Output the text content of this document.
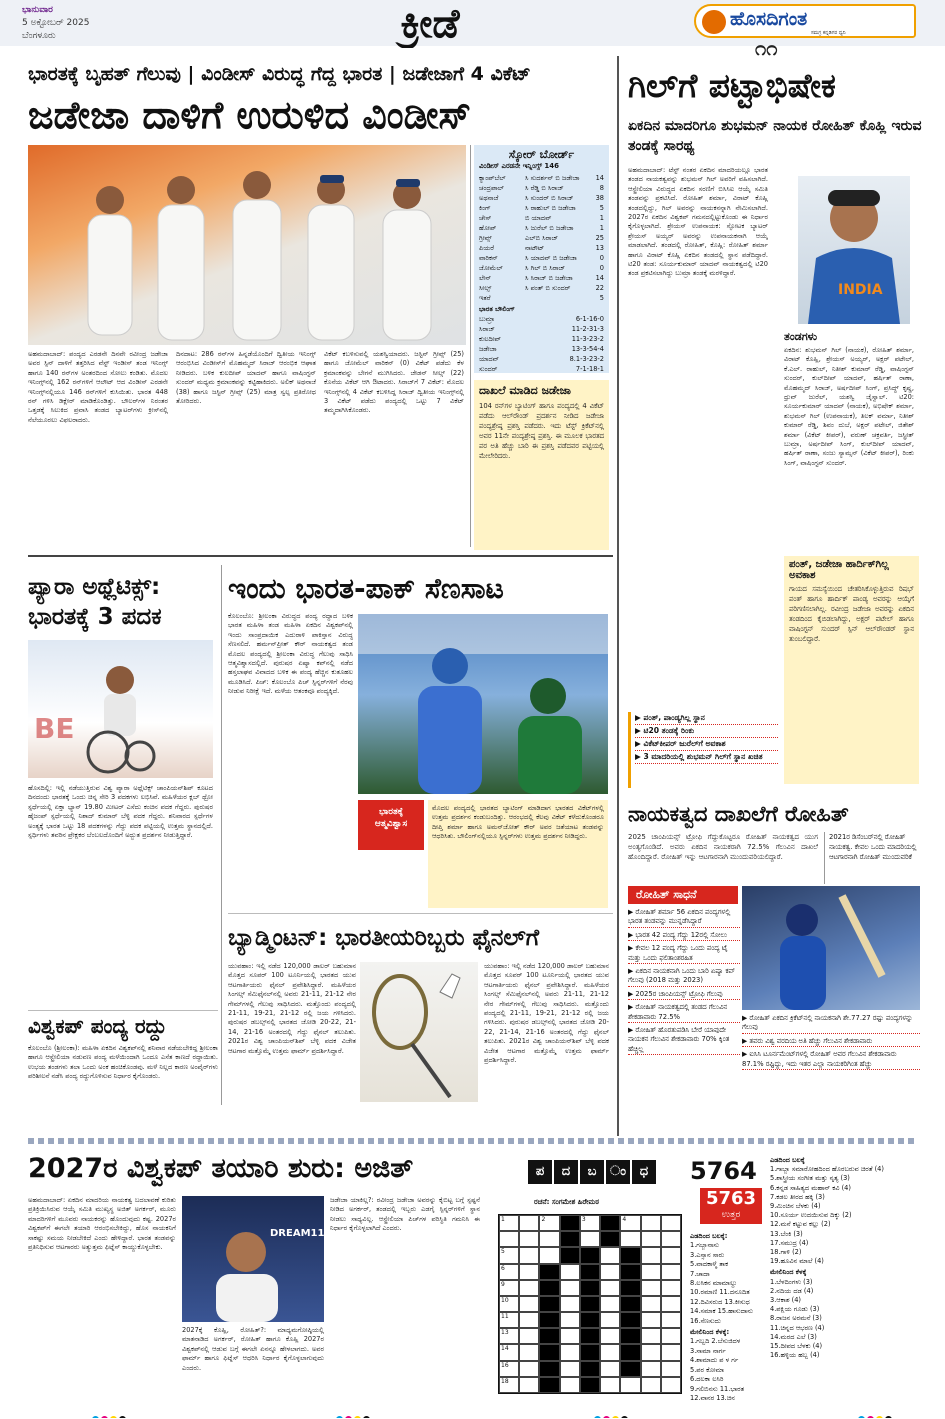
ಭಾನುವಾರ
5 ಅಕ್ಟೋಬರ್ 2025
ಬೆಂಗಳೂರು	ಕ್ರೀಡೆ	ಹೊಸದಿಗಂತ
ಸಮಗ್ರ ಕನ್ನಡಿಗರ ಧ್ವನಿ
೧೧
ಭಾರತಕ್ಕೆ ಬೃಹತ್ ಗೆಲುವು | ವಿಂಡೀಸ್ ವಿರುದ್ಧ ಗೆದ್ದ ಭಾರತ | ಜಡೇಜಾಗೆ 4 ವಿಕೆಟ್
ಜಡೇಜಾ ದಾಳಿಗೆ ಉರುಳಿದ ವಿಂಡೀಸ್
ಸ್ಕೋರ್ ಬೋರ್ಡ್
ವಿಂಡೀಸ್ ಎರಡನೇ ಇನ್ನಿಂಗ್ಸ್ 146
ಕ್ಯಾಂಪ್‌ಬೆಲ್	ಸಿ ಸುದರ್ಶನ್ ಬಿ ಜಡೇಜಾ	14
ಚಂದ್ರಪಾಲ್	ಸಿ ರೆಡ್ಡಿ ಬಿ ಸಿರಾಜ್	8
ಅಥನಾಜೆ	ಸಿ ಸುಂದರ್ ಬಿ ಸಿರಾಜ್	38
ಕಿಂಗ್	ಸಿ ರಾಹುಲ್ ಬಿ ಜಡೇಜಾ	5
ಚೇಸ್	ಬಿ ಯಾದವ್	1
ಹೋಪ್	ಸಿ ಜುರೆಲ್ ಬಿ ಜಡೇಜಾ	1
ಗ್ರೀವ್ಸ್	ಎಲ್‌ಬಿ ಸಿರಾಜ್	25
ಪಿಯರೆ	ನಾಟೌಟ್	13
ವಾರಿಕನ್	ಸಿ ಯಾದವ್ ಬಿ ಜಡೇಜಾ	0
ಜೋಮೆಲ್	ಸಿ ಗಿಲ್ ಬಿ ಸಿರಾಜ್	0
ಲೇನ್	ಸಿ ಸಿರಾಜ್ ಬಿ ಜಡೇಜಾ	14
ಸೀಲ್ಸ್	ಸಿ ಪಂತ್ ಬಿ ಸುಂದರ್	22
ಇತರೆ	5
ಭಾರತ ಬೌಲಿಂಗ್
ಬುಮ್ರಾ	6-1-16-0
ಸಿರಾಜ್	11-2-31-3
ಕುಲದೀಪ್	11-3-23-2
ಜಡೇಜಾ	13-3-54-4
ಯಾದವ್	8.1-3-23-2
ಸುಂದರ್	7-1-18-1
ದಾಖಲೆ ಮಾಡಿದ ಜಡೇಜಾ
104 ರನ್‌ಗಳ ಬ್ಯಾಟಿಂಗ್ ಹಾಗೂ ಪಂದ್ಯದಲ್ಲಿ 4 ವಿಕೆಟ್ ಪಡೆದು ಆಲ್‌ರೌಂಡ್ ಪ್ರದರ್ಶನ ನೀಡಿದ ಜಡೇಜಾ ಪಂದ್ಯಶ್ರೇಷ್ಠ ಪ್ರಶಸ್ತಿ ಪಡೆದರು. ಇದು ಟೆಸ್ಟ್ ಕ್ರಿಕೆಟ್‌ನಲ್ಲಿ ಅವರ 11ನೇ ಪಂದ್ಯಶ್ರೇಷ್ಠ ಪ್ರಶಸ್ತಿ. ಈ ಮೂಲಕ ಭಾರತದ ಪರ ಅತಿ ಹೆಚ್ಚು ಬಾರಿ ಈ ಪ್ರಶಸ್ತಿ ಪಡೆದವರ ಪಟ್ಟಿಯಲ್ಲಿ ಮೇಲೇರಿದರು.
ಅಹಮದಾಬಾದ್: ಪಂದ್ಯದ ಎರಡನೇ ದಿನವೇ ರವೀಂದ್ರ ಜಡೇಜಾ ಅವರ ಸ್ಪಿನ್ ದಾಳಿಗೆ ತತ್ತರಿಸಿದ ವೆಸ್ಟ್ ಇಂಡೀಸ್ ತಂಡ ಇನಿಂಗ್ಸ್ ಹಾಗೂ 140 ರನ್‌ಗಳ ಅಂತರದಿಂದ ಸೋಲು ಕಂಡಿತು. ಮೊದಲ ಇನಿಂಗ್ಸ್‌ನಲ್ಲಿ 162 ರನ್‌ಗಳಿಗೆ ಆಲೌಟ್ ಆದ ವಿಂಡೀಸ್ ಎರಡನೇ ಇನಿಂಗ್ಸ್‌ನಲ್ಲಿಯೂ 146 ರನ್‌ಗಳಿಗೆ ಕುಸಿಯಿತು. ಭಾರತ 448 ರನ್ ಗಳಿಸಿ ಡಿಕ್ಲೇರ್ ಮಾಡಿಕೊಂಡಿತ್ತು. ಬೌಲರ್‌ಗಳ ನಿರಂತರ ಒತ್ತಡಕ್ಕೆ ಸಿಲುಕಿದ ಪ್ರವಾಸಿ ತಂಡದ ಬ್ಯಾಟರ್‌ಗಳು ಕ್ರೀಸ್‌ನಲ್ಲಿ ನೆಲೆಯೂರಲು ವಿಫಲರಾದರು.
ದಿನದಾಟ: 286 ರನ್‌ಗಳ ಹಿನ್ನಡೆಯೊಂದಿಗೆ ದ್ವಿತೀಯ ಇನಿಂಗ್ಸ್ ಆರಂಭಿಸಿದ ವಿಂಡೀಸ್‌ಗೆ ಮೊಹಮ್ಮದ್ ಸಿರಾಜ್ ಆರಂಭಿಕ ಆಘಾತ ನೀಡಿದರು. ಬಳಿಕ ಕುಲದೀಪ್ ಯಾದವ್ ಹಾಗೂ ವಾಷಿಂಗ್ಟನ್ ಸುಂದರ್ ಮಧ್ಯಮ ಕ್ರಮಾಂಕವನ್ನು ಕಟ್ಟಿಹಾಕಿದರು. ಅಲಿಕ್ ಅಥನಾಜೆ (38) ಹಾಗೂ ಜಸ್ಟಿನ್ ಗ್ರೀವ್ಸ್ (25) ಮಾತ್ರ ಸ್ವಲ್ಪ ಪ್ರತಿರೋಧ ತೋರಿದರು.
ವಿಕೆಟ್ ಕಬಳಿಸುವಲ್ಲಿ ಯಶಸ್ವಿಯಾದರು. ಜಸ್ಟಿನ್ ಗ್ರೀವ್ಸ್ (25) ಹಾಗೂ ಜೋಮೆಲ್ ವಾರಿಕನ್ (0) ವಿಕೆಟ್ ಪಡೆದು ಕೆಳ ಕ್ರಮಾಂಕವನ್ನು ಬೇಗನೆ ಮುಗಿಸಿದರು. ಜೇಡನ್ ಸೀಲ್ಸ್ (22) ಕೊನೆಯ ವಿಕೆಟ್ ಆಗಿ ಔಟಾದರು. ಸಿರಾಜ್‌ಗೆ 7 ವಿಕೆಟ್: ಮೊದಲ ಇನಿಂಗ್ಸ್‌ನಲ್ಲಿ 4 ವಿಕೆಟ್ ಕಬಳಿಸಿದ್ದ ಸಿರಾಜ್ ದ್ವಿತೀಯ ಇನಿಂಗ್ಸ್‌ನಲ್ಲಿ 3 ವಿಕೆಟ್ ಪಡೆದು ಪಂದ್ಯದಲ್ಲಿ ಒಟ್ಟು 7 ವಿಕೆಟ್ ತಮ್ಮದಾಗಿಸಿಕೊಂಡರು.
ಗಿಲ್‌ಗೆ ಪಟ್ಟಾಭಿಷೇಕ
ಏಕದಿನ ಮಾದರಿಗೂ ಶುಭಮನ್ ನಾಯಕ ರೋಹಿತ್ ಕೊಹ್ಲಿ ಇರುವ ತಂಡಕ್ಕೆ ಸಾರಥ್ಯ
ಅಹಮದಾಬಾದ್: ಟೆಸ್ಟ್ ನಂತರ ಏಕದಿನ ಮಾದರಿಯಲ್ಲೂ ಭಾರತ ತಂಡದ ನಾಯಕತ್ವವನ್ನು ಶುಭಮನ್ ಗಿಲ್ ಅವರಿಗೆ ವಹಿಸಲಾಗಿದೆ. ಆಸ್ಟ್ರೇಲಿಯಾ ವಿರುದ್ಧದ ಏಕದಿನ ಸರಣಿಗೆ ಬಿಸಿಸಿಐ ಆಯ್ಕೆ ಸಮಿತಿ ತಂಡವನ್ನು ಪ್ರಕಟಿಸಿದೆ. ರೋಹಿತ್ ಶರ್ಮಾ, ವಿರಾಟ್ ಕೊಹ್ಲಿ ತಂಡದಲ್ಲಿದ್ದು, ಗಿಲ್ ಅವರನ್ನು ನಾಯಕನನ್ನಾಗಿ ನೇಮಿಸಲಾಗಿದೆ. 2027ರ ಏಕದಿನ ವಿಶ್ವಕಪ್ ಗಮನದಲ್ಲಿಟ್ಟುಕೊಂಡು ಈ ನಿರ್ಧಾರ ಕೈಗೊಳ್ಳಲಾಗಿದೆ. ಶ್ರೇಯಸ್ ಉಪನಾಯಕ: ಸ್ಫೋಟಕ ಬ್ಯಾಟರ್ ಶ್ರೇಯಸ್ ಅಯ್ಯರ್ ಅವರನ್ನು ಉಪನಾಯಕನಾಗಿ ಆಯ್ಕೆ ಮಾಡಲಾಗಿದೆ. ತಂಡದಲ್ಲಿ ರೋಹಿತ್, ಕೊಹ್ಲಿ: ರೋಹಿತ್ ಶರ್ಮಾ ಹಾಗೂ ವಿರಾಟ್ ಕೊಹ್ಲಿ ಏಕದಿನ ತಂಡದಲ್ಲಿ ಸ್ಥಾನ ಪಡೆದಿದ್ದಾರೆ. ಟಿ20 ತಂಡ: ಸೂರ್ಯಕುಮಾರ್ ಯಾದವ್ ನಾಯಕತ್ವದಲ್ಲಿ ಟಿ20 ತಂಡ ಪ್ರಕಟಿಸಲಾಗಿದ್ದು ಬುಮ್ರಾ ತಂಡಕ್ಕೆ ಮರಳಿದ್ದಾರೆ.
INDIA
ತಂಡಗಳು
ಏಕದಿನ: ಶುಭಮನ್ ಗಿಲ್ (ನಾಯಕ), ರೋಹಿತ್ ಶರ್ಮಾ, ವಿರಾಟ್ ಕೊಹ್ಲಿ, ಶ್ರೇಯಸ್ ಅಯ್ಯರ್, ಅಕ್ಷರ್ ಪಟೇಲ್, ಕೆ.ಎಲ್. ರಾಹುಲ್, ನಿತೀಶ್ ಕುಮಾರ್ ರೆಡ್ಡಿ, ವಾಷಿಂಗ್ಟನ್ ಸುಂದರ್, ಕುಲ್‌ದೀಪ್ ಯಾದವ್, ಹರ್ಷಿತ್ ರಾಣಾ, ಮೊಹಮ್ಮದ್ ಸಿರಾಜ್, ಅರ್ಷದೀಪ್ ಸಿಂಗ್, ಪ್ರಸಿದ್ಧ್ ಕೃಷ್ಣ, ಧ್ರುವ್ ಜುರೆಲ್, ಯಶಸ್ವಿ ಜೈಸ್ವಾಲ್. ಟಿ20: ಸೂರ್ಯಕುಮಾರ್ ಯಾದವ್ (ನಾಯಕ), ಅಭಿಷೇಕ್ ಶರ್ಮಾ, ಶುಭಮನ್ ಗಿಲ್ (ಉಪನಾಯಕ), ತಿಲಕ್ ವರ್ಮಾ, ನಿತೀಶ್ ಕುಮಾರ್ ರೆಡ್ಡಿ, ಶಿವಂ ದುಬೆ, ಅಕ್ಷರ್ ಪಟೇಲ್, ಜಿತೇಶ್ ಶರ್ಮಾ (ವಿಕೆಟ್ ಕೀಪರ್), ವರುಣ್ ಚಕ್ರವರ್ತಿ, ಜಸ್ಪ್ರೀತ್ ಬುಮ್ರಾ, ಅರ್ಷದೀಪ್ ಸಿಂಗ್, ಕುಲ್‌ದೀಪ್ ಯಾದವ್, ಹರ್ಷಿತ್ ರಾಣಾ, ಸಂಜು ಸ್ಯಾಮ್ಸನ್ (ವಿಕೆಟ್ ಕೀಪರ್), ರಿಂಕು ಸಿಂಗ್, ವಾಷಿಂಗ್ಟನ್ ಸುಂದರ್.
ಪಂತ್, ಜಡೇಜಾ ಹಾರ್ದಿಕ್‌ಗಿಲ್ಲ ಅವಕಾಶ
ಗಾಯದ ಸಮಸ್ಯೆಯಿಂದ ಚೇತರಿಸಿಕೊಳ್ಳುತ್ತಿರುವ ರಿಷಭ್ ಪಂತ್ ಹಾಗೂ ಹಾರ್ದಿಕ್ ಪಾಂಡ್ಯ ಅವರನ್ನು ಆಯ್ಕೆಗೆ ಪರಿಗಣಿಸಲಾಗಿಲ್ಲ. ರವೀಂದ್ರ ಜಡೇಜಾ ಅವರನ್ನು ಏಕದಿನ ತಂಡದಿಂದ ಕೈಬಿಡಲಾಗಿದ್ದು, ಅಕ್ಷರ್ ಪಟೇಲ್ ಹಾಗೂ ವಾಷಿಂಗ್ಟನ್ ಸುಂದರ್ ಸ್ಪಿನ್ ಆಲ್‌ರೌಂಡರ್ ಸ್ಥಾನ ತುಂಬಲಿದ್ದಾರೆ.
▶ ಪಂತ್, ಪಾಂಡ್ಯಗಿಲ್ಲ ಸ್ಥಾನ
▶ ಟಿ20 ತಂಡಕ್ಕೆ ರಿಂಕು
▶ ವಿಕೆಟ್‌ಕೀಪರ್ ಜುರೆಲ್‌ಗೆ ಅವಕಾಶ
▶ 3 ಮಾದರಿಯಲ್ಲಿ ಶುಭಮನ್ ಗಿಲ್‌ಗೆ ಸ್ಥಾನ ಖಚಿತ
ಪ್ಯಾರಾ ಅಥ್ಲೆಟಿಕ್ಸ್: ಭಾರತಕ್ಕೆ 3 ಪದಕ
BE
ಹೊಸದಿಲ್ಲಿ: ಇಲ್ಲಿ ನಡೆಯುತ್ತಿರುವ ವಿಶ್ವ ಪ್ಯಾರಾ ಅಥ್ಲೆಟಿಕ್ಸ್ ಚಾಂಪಿಯನ್‌ಶಿಪ್ ಕೂಟದ ದಿನದಂದು ಭಾರತಕ್ಕೆ ಒಂದು ಚಿನ್ನ ಸೇರಿ 3 ಪದಕಗಳು ಲಭಿಸಿವೆ. ಮಹಿಳೆಯರ ಕ್ಲಬ್ ಥ್ರೋ ಸ್ಪರ್ಧೆಯಲ್ಲಿ ಏಕ್ತಾ ಭ್ಯಾನ್ 19.80 ಮೀಟರ್ ಎಸೆದು ಕಂಚಿನ ಪದಕ ಗೆದ್ದರು. ಪುರುಷರ ಹೈಜಂಪ್ ಸ್ಪರ್ಧೆಯಲ್ಲಿ ನಿಶಾದ್ ಕುಮಾರ್ ಬೆಳ್ಳಿ ಪದಕ ಗೆದ್ದರು. ಶನಿವಾರದ ಸ್ಪರ್ಧೆಗಳ ಅಂತ್ಯಕ್ಕೆ ಭಾರತ ಒಟ್ಟು 18 ಪದಕಗಳನ್ನು ಗೆದ್ದು ಪದಕ ಪಟ್ಟಿಯಲ್ಲಿ ಉತ್ತಮ ಸ್ಥಾನದಲ್ಲಿದೆ. ಸ್ಪರ್ಧಿಗಳು ತವರಿನ ಪ್ರೇಕ್ಷಕರ ಬೆಂಬಲದೊಂದಿಗೆ ಅದ್ಭುತ ಪ್ರದರ್ಶನ ನೀಡುತ್ತಿದ್ದಾರೆ.
ಇಂದು ಭಾರತ-ಪಾಕ್ ಸೆಣಸಾಟ
ಕೊಲಂಬೊ: ಶ್ರೀಲಂಕಾ ವಿರುದ್ಧದ ಪಂದ್ಯ ರದ್ದಾದ ಬಳಿಕ ಭಾರತ ಮಹಿಳಾ ತಂಡ ಮಹಿಳಾ ಏಕದಿನ ವಿಶ್ವಕಪ್‌ನಲ್ಲಿ ಇಂದು ಸಾಂಪ್ರದಾಯಿಕ ಎದುರಾಳಿ ಪಾಕಿಸ್ತಾನ ವಿರುದ್ಧ ಸೆಣಸಲಿದೆ. ಹರ್ಮನ್‌ಪ್ರೀತ್ ಕೌರ್ ನಾಯಕತ್ವದ ತಂಡ ಮೊದಲ ಪಂದ್ಯದಲ್ಲಿ ಶ್ರೀಲಂಕಾ ವಿರುದ್ಧ ಗೆಲುವು ಸಾಧಿಸಿ ಆತ್ಮವಿಶ್ವಾಸದಲ್ಲಿದೆ. ಪುರುಷರ ಏಷ್ಯಾ ಕಪ್‌ನಲ್ಲಿ ನಡೆದ ಹಸ್ತಲಾಘವ ವಿವಾದದ ಬಳಿಕ ಈ ಪಂದ್ಯ ಹೆಚ್ಚಿನ ಕುತೂಹಲ ಮೂಡಿಸಿದೆ. ಪಿಚ್: ಕೊಲಂಬೊ ಪಿಚ್ ಸ್ಪಿನ್ನರ್‌ಗಳಿಗೆ ನೆರವು ನೀಡುವ ನಿರೀಕ್ಷೆ ಇದೆ. ಮಳೆಯ ಆತಂಕವೂ ಪಂದ್ಯಕ್ಕಿದೆ.
ಭಾರತಕ್ಕೆ ಆತ್ಮವಿಶ್ವಾಸ
ಮೊದಲ ಪಂದ್ಯದಲ್ಲಿ ಭಾರತದ ಬ್ಯಾಟಿಂಗ್ ಮಾಡಿದಾಗ ಭಾರತದ ವಿಕೆಟ್‌ಗಳಲ್ಲಿ ಉತ್ತಮ ಪ್ರದರ್ಶನ ಕಂಡುಬಂದಿತ್ತು. ಆರಂಭದಲ್ಲಿ ಕೆಲವು ವಿಕೆಟ್ ಕಳೆದುಕೊಂಡರೂ ದೀಪ್ತಿ ಶರ್ಮಾ ಹಾಗೂ ಅಮನ್‌ಜೋತ್ ಕೌರ್ ಅವರ ಜತೆಯಾಟ ತಂಡವನ್ನು ಆಧರಿಸಿತು. ಬೌಲಿಂಗ್‌ನಲ್ಲಿಯೂ ಸ್ಪಿನ್ನರ್‌ಗಳು ಉತ್ತಮ ಪ್ರದರ್ಶನ ನೀಡಿದ್ದರು.
ಬ್ಯಾಡ್ಮಿಂಟನ್: ಭಾರತೀಯರಿಬ್ಬರು ಫೈನಲ್‌ಗೆ
ಯುವಹಾಂ: ಇಲ್ಲಿ ನಡೆದ 120,000 ಡಾಲರ್ ಬಹುಮಾನ ಮೊತ್ತದ ಸೂಪರ್ 100 ಟೂರ್ನಿಯಲ್ಲಿ ಭಾರತದ ಯುವ ಆಟಗಾರ್ತಿಯರು ಫೈನಲ್ ಪ್ರವೇಶಿಸಿದ್ದಾರೆ. ಮಹಿಳೆಯರ ಸಿಂಗಲ್ಸ್ ಸೆಮಿಫೈನಲ್‌ನಲ್ಲಿ ಅವರು 21-11, 21-12 ನೇರ ಗೇಮ್‌ಗಳಲ್ಲಿ ಗೆಲುವು ಸಾಧಿಸಿದರು. ಮತ್ತೊಂದು ಪಂದ್ಯದಲ್ಲಿ 21-11, 19-21, 21-12 ರಲ್ಲಿ ಜಯ ಗಳಿಸಿದರು. ಪುರುಷರ ಡಬಲ್ಸ್‌ನಲ್ಲಿ ಭಾರತದ ಜೋಡಿ 20-22, 21-14, 21-16 ಅಂತರದಲ್ಲಿ ಗೆದ್ದು ಫೈನಲ್ ತಲುಪಿತು. 2021ರ ವಿಶ್ವ ಚಾಂಪಿಯನ್‌ಶಿಪ್ ಬೆಳ್ಳಿ ಪದಕ ವಿಜೇತ ಆಟಗಾರ ಮತ್ತೊಮ್ಮೆ ಉತ್ತಮ ಫಾರ್ಮ್ ಪ್ರದರ್ಶಿಸಿದ್ದಾರೆ.
ಯುವಹಾಂ: ಇಲ್ಲಿ ನಡೆದ 120,000 ಡಾಲರ್ ಬಹುಮಾನ ಮೊತ್ತದ ಸೂಪರ್ 100 ಟೂರ್ನಿಯಲ್ಲಿ ಭಾರತದ ಯುವ ಆಟಗಾರ್ತಿಯರು ಫೈನಲ್ ಪ್ರವೇಶಿಸಿದ್ದಾರೆ. ಮಹಿಳೆಯರ ಸಿಂಗಲ್ಸ್ ಸೆಮಿಫೈನಲ್‌ನಲ್ಲಿ ಅವರು 21-11, 21-12 ನೇರ ಗೇಮ್‌ಗಳಲ್ಲಿ ಗೆಲುವು ಸಾಧಿಸಿದರು. ಮತ್ತೊಂದು ಪಂದ್ಯದಲ್ಲಿ 21-11, 19-21, 21-12 ರಲ್ಲಿ ಜಯ ಗಳಿಸಿದರು. ಪುರುಷರ ಡಬಲ್ಸ್‌ನಲ್ಲಿ ಭಾರತದ ಜೋಡಿ 20-22, 21-14, 21-16 ಅಂತರದಲ್ಲಿ ಗೆದ್ದು ಫೈನಲ್ ತಲುಪಿತು. 2021ರ ವಿಶ್ವ ಚಾಂಪಿಯನ್‌ಶಿಪ್ ಬೆಳ್ಳಿ ಪದಕ ವಿಜೇತ ಆಟಗಾರ ಮತ್ತೊಮ್ಮೆ ಉತ್ತಮ ಫಾರ್ಮ್ ಪ್ರದರ್ಶಿಸಿದ್ದಾರೆ.
ವಿಶ್ವಕಪ್ ಪಂದ್ಯ ರದ್ದು
ಕೊಲಂಬೊ (ಶ್ರೀಲಂಕಾ): ಮಹಿಳಾ ಏಕದಿನ ವಿಶ್ವಕಪ್‌ನಲ್ಲಿ ಶನಿವಾರ ನಡೆಯಬೇಕಿದ್ದ ಶ್ರೀಲಂಕಾ ಹಾಗೂ ಆಸ್ಟ್ರೇಲಿಯಾ ನಡುವಣ ಪಂದ್ಯ ಮಳೆಯಿಂದಾಗಿ ಒಂದೂ ಎಸೆತ ಕಾಣದೆ ರದ್ದಾಯಿತು. ಉಭಯ ತಂಡಗಳು ತಲಾ ಒಂದು ಅಂಕ ಹಂಚಿಕೊಂಡವು. ಮಳೆ ನಿಲ್ಲದ ಕಾರಣ ಅಂಪೈರ್‌ಗಳು ಪರಿಶೀಲನೆ ನಡೆಸಿ ಪಂದ್ಯ ರದ್ದುಗೊಳಿಸುವ ನಿರ್ಧಾರ ಕೈಗೊಂಡರು.
ನಾಯಕತ್ವದ ದಾಖಲೆಗೆ ರೋಹಿತ್
2025 ಚಾಂಪಿಯನ್ಸ್ ಟ್ರೋಫಿ ಗೆದ್ದುಕೊಟ್ಟರೂ ರೋಹಿತ್ ನಾಯಕತ್ವದ ಯುಗ ಅಂತ್ಯಗೊಂಡಿದೆ. ಅವರು ಏಕದಿನ ನಾಯಕರಾಗಿ 72.5% ಗೆಲುವಿನ ದಾಖಲೆ ಹೊಂದಿದ್ದಾರೆ. ರೋಹಿತ್ ಇನ್ನು ಆಟಗಾರನಾಗಿ ಮುಂದುವರಿಯಲಿದ್ದಾರೆ.
2021ರ ಡಿಸೆಂಬರ್‌ನಲ್ಲಿ ರೋಹಿತ್ ನಾಯಕತ್ವ. ಕೇವಲ ಒಂದು ಮಾದರಿಯಲ್ಲಿ ಆಟಗಾರನಾಗಿ ರೋಹಿತ್ ಮುಂದುವರಿಕೆ
ರೋಹಿತ್ ಸಾಧನೆ
▶ ರೋಹಿತ್ ಶರ್ಮಾ 56 ಏಕದಿನ ಪಂದ್ಯಗಳಲ್ಲಿ ಭಾರತ ತಂಡವನ್ನು ಮುನ್ನಡೆಸಿದ್ದಾರೆ
▶ ಭಾರತ 42 ಪಂದ್ಯ ಗೆದ್ದು 12ರಲ್ಲಿ ಸೋಲು
▶ ಕೇವಲ 12 ಪಂದ್ಯ ಗೆದ್ದು ಒಂದು ಪಂದ್ಯ ಟೈ ಮತ್ತು ಒಂದು ಫಲಿತಾಂಶರಹಿತ
▶ ಏಕದಿನ ನಾಯಕನಾಗಿ ಒಂದು ಬಾರಿ ಏಷ್ಯಾ ಕಪ್ ಗೆಲುವು (2018 ಮತ್ತು 2023)
▶ 2025ರ ಚಾಂಪಿಯನ್ಸ್ ಟ್ರೋಫಿ ಗೆಲುವು
▶ ರೋಹಿತ್ ನಾಯಕತ್ವದಲ್ಲಿ ತಂಡದ ಗೆಲುವಿನ ಶೇಕಡಾವಾರು 72.5%
▶ ರೋಹಿತ್ ಹೊರತುಪಡಿಸಿ ಬೇರೆ ಯಾವುದೇ ನಾಯಕನ ಗೆಲುವಿನ ಶೇಕಡಾವಾರು 70% ಕ್ಕಿಂತ ಹೆಚ್ಚಿಲ್ಲ
▶ ರೋಹಿತ್ ಏಕದಿನ ಕ್ರಿಕೆಟ್‌ನಲ್ಲಿ ನಾಯಕನಾಗಿ ಶೇ.77.27 ರಷ್ಟು ಪಂದ್ಯಗಳನ್ನು ಗೆಲುವು
▶ ತವರು ವಿಶ್ವ ವರದಿಯ ಅತಿ ಹೆಚ್ಚು ಗೆಲುವಿನ ಶೇಕಡಾವಾರು
▶ ಐಸಿಸಿ ಟೂರ್ನಮೆಂಟ್‌ಗಳಲ್ಲಿ ರೋಹಿತ್ ಅವರ ಗೆಲುವಿನ ಶೇಕಡಾವಾರು 87.1% ರಷ್ಟಿದ್ದು, ಇದು ಇತರ ಎಲ್ಲಾ ನಾಯಕರಿಗಿಂತ ಹೆಚ್ಚು
2027ರ ವಿಶ್ವಕಪ್ ತಯಾರಿ ಶುರು: ಅಜಿತ್
ಅಹಮದಾಬಾದ್: ಏಕದಿನ ಮಾದರಿಯ ನಾಯಕತ್ವ ಬದಲಾವಣೆ ಕುರಿತು ಪ್ರತಿಕ್ರಿಯಿಸಿರುವ ಆಯ್ಕೆ ಸಮಿತಿ ಮುಖ್ಯಸ್ಥ ಅಜಿತ್ ಅಗರ್ಕರ್, ಮೂರು ಮಾದರಿಗಳಿಗೆ ಮೂವರು ನಾಯಕರನ್ನು ಹೊಂದುವುದು ಕಷ್ಟ. 2027ರ ವಿಶ್ವಕಪ್‌ಗೆ ಈಗಲೇ ತಯಾರಿ ಆರಂಭಿಸಬೇಕಿದ್ದು, ಹೊಸ ನಾಯಕನಿಗೆ ಸಾಕಷ್ಟು ಸಮಯ ನೀಡಬೇಕಿದೆ ಎಂದು ಹೇಳಿದ್ದಾರೆ. ಭಾರತ ತಂಡವನ್ನು ಪ್ರತಿನಿಧಿಸುವ ಆಟಗಾರರು ಅತ್ಯುತ್ತಮ ಫಿಟ್ನೆಸ್ ಕಾಯ್ದುಕೊಳ್ಳಬೇಕು.
DREAM11
2027ಕ್ಕೆ ಕೊಹ್ಲಿ, ರೋಹಿತ್?: ಮಾಧ್ಯಮಗೋಷ್ಠಿಯಲ್ಲಿ ಮಾತನಾಡಿದ ಅಗರ್ಕರ್, ರೋಹಿತ್ ಹಾಗೂ ಕೊಹ್ಲಿ 2027ರ ವಿಶ್ವಕಪ್‌ನಲ್ಲಿ ಆಡುವ ಬಗ್ಗೆ ಈಗಲೇ ಏನನ್ನೂ ಹೇಳಲಾಗದು. ಅವರ ಫಾರ್ಮ್ ಹಾಗೂ ಫಿಟ್ನೆಸ್ ಆಧರಿಸಿ ನಿರ್ಧಾರ ಕೈಗೊಳ್ಳಲಾಗುವುದು ಎಂದರು.
ಜಡೇಜಾ ಯಾಕಿಲ್ಲ?: ರವೀಂದ್ರ ಜಡೇಜಾ ಅವರನ್ನು ಕೈಬಿಟ್ಟ ಬಗ್ಗೆ ಸ್ಪಷ್ಟನೆ ನೀಡಿದ ಅಗರ್ಕರ್, ತಂಡದಲ್ಲಿ ಇಬ್ಬರು ಎಡಗೈ ಸ್ಪಿನ್ನರ್‌ಗಳಿಗೆ ಸ್ಥಾನ ನೀಡಲು ಸಾಧ್ಯವಿಲ್ಲ. ಆಸ್ಟ್ರೇಲಿಯಾ ಪಿಚ್‌ಗಳ ಪರಿಸ್ಥಿತಿ ಗಮನಿಸಿ ಈ ನಿರ್ಧಾರ ಕೈಗೊಳ್ಳಲಾಗಿದೆ ಎಂದರು.
ಪ	ದ	ಬ	ಂ	ಧ
ರಚನೆ: ಸಂಗಮೇಶ ಹಿರೇಮಠ
1	2	3	4
5
6
9
10
11
13
14
16
18
5764
5763
ಉತ್ತರ
ಎಡದಿಂದ ಬಲಕ್ಕೆ:
1.ಗಬ್ಬಾನಾಸು
3.ಎಸ್ಸಾನ ಸಾರು
5.ವಾದಕಾಳ್ಮೆ ತಾಕ
7.ಚಾದಾ
8.ಲಸಿಕನ ಮಾಮಾಲ್ದು
10.ರಮಾಣಿ 11.ದನೂದಿತ
12.ದಿವಿಸರುದ 13.ಕೀಸುಧ
14.ಸಮಾಕ 15.ಹಾಸುದಾನು
16.ಸೆಣಸುದು
ಮೇಲಿನಿಂದ ಕೆಳಕ್ಕೆ:
1.ಗಬ್ಬದಿ 2.ಬೆಸುಜಿದಳ
3.ಸಾಮಾ ನಾರ್ಗ
4.ಶಾಮಾದು ಪ ಳ ರ್ಗ
5.ಪರ ಕೋಮಾ
6.ದಲಕಾ ಲಸಿರಿ
9.ಗಲಿಬಿನಸು 11.ಭಾರತ
12.ವಾನರ 13.ಚಿನ
ಎಡದಿಂದ ಬಲಕ್ಕೆ
1.ಗಾಬ್ಬಾ ಸಮಾರೋಹದಿಂದ ಹೊರಬರುವ ಚಿರತೆ (4)
5.ಶಾಸ್ತ್ರೀಯ ಸಂಗೀತ ಮತ್ತು ನೃತ್ಯ (3)
6.ಕನ್ನಡ ಸಾಹಿತ್ಯದ ಮಹಾನ್ ಕವಿ (4)
7.ಕಡಲ ತೀರದ ಹಕ್ಕಿ (3)
9.ಮಿಂಚಿನ ಬೆಳಕು (4)
10.ಸೂರ್ಯ ಉದಯಿಸುವ ದಿಕ್ಕು (2)
12.ಮನೆ ಕಟ್ಟುವ ಕಲ್ಲು (2)
13.ಬೆಂಕಿ (3)
17.ಸಮುದ್ರ (4)
18.ಗಾಳಿ (2)
19.ಹೂವಿನ ಮಾಲೆ (4)
ಮೇಲಿನಿಂದ ಕೆಳಕ್ಕೆ
1.ಬೆಳದಿಂಗಳು (3)
2.ನದಿಯ ದಡ (4)
3.ಆಕಾಶ (4)
4.ಪಕ್ಷಿಯ ಗೂಡು (3)
8.ರಾಜನ ಅರಮನೆ (3)
11.ಚಿನ್ನದ ಆಭರಣ (4)
14.ಮರದ ಎಲೆ (3)
15.ದೀಪದ ಬೆಳಕು (4)
16.ಹಳ್ಳಿಯ ಹಬ್ಬ (4)
